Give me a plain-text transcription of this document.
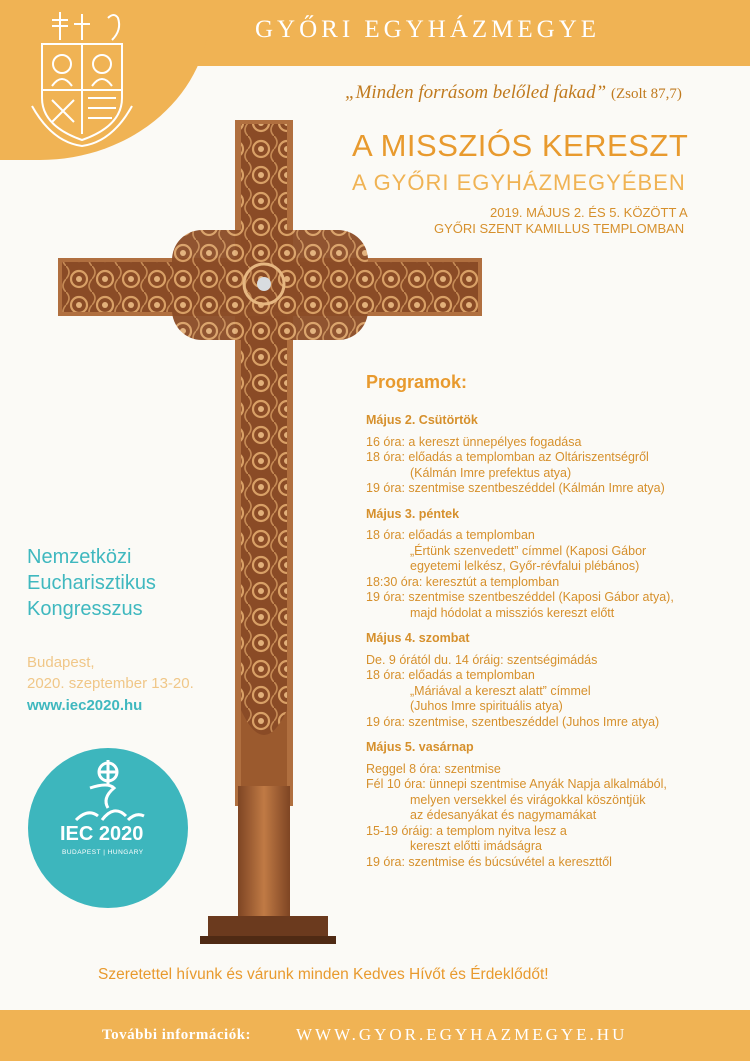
GYŐRI EGYHÁZMEGYE
„Minden forrásom belőled fakad” (Zsolt 87,7)
A MISSZIÓS KERESZT
A GYŐRI EGYHÁZMEGYÉBEN
2019. MÁJUS 2. ÉS 5. KÖZÖTT A
GYŐRI SZENT KAMILLUS TEMPLOMBAN
Programok:
Május 2. Csütörtök
16 óra: a kereszt ünnepélyes fogadása
18 óra: előadás a templomban az Oltáriszentségről
(Kálmán Imre prefektus atya)
19 óra: szentmise szentbeszéddel (Kálmán Imre atya)
Május 3. péntek
18 óra: előadás a templomban
„Értünk szenvedett” címmel (Kaposi Gábor
egyetemi lelkész, Győr-révfalui plébános)
18:30 óra: keresztút a templomban
19 óra: szentmise szentbeszéddel (Kaposi Gábor atya),
majd hódolat a missziós kereszt előtt
Május 4. szombat
De. 9 órától du. 14 óráig: szentségimádás
18 óra: előadás a templomban
„Máriával a kereszt alatt” címmel
(Juhos Imre spirituális atya)
19 óra: szentmise, szentbeszéddel (Juhos Imre atya)
Május 5. vasárnap
Reggel 8 óra: szentmise
Fél 10 óra: ünnepi szentmise Anyák Napja alkalmából,
melyen versekkel és virágokkal köszöntjük
az édesanyákat és nagymamákat
15-19 óráig: a templom nyitva lesz a
kereszt előtti imádságra
19 óra: szentmise és búcsúvétel a kereszttől
Nemzetközi
Eucharisztikus
Kongresszus
Budapest,
2020. szeptember 13-20.
www.iec2020.hu
IEC 2020
BUDAPEST | HUNGARY
Szeretettel hívunk és várunk minden Kedves Hívőt és Érdeklődőt!
További információk:	WWW.GYOR.EGYHAZMEGYE.HU
